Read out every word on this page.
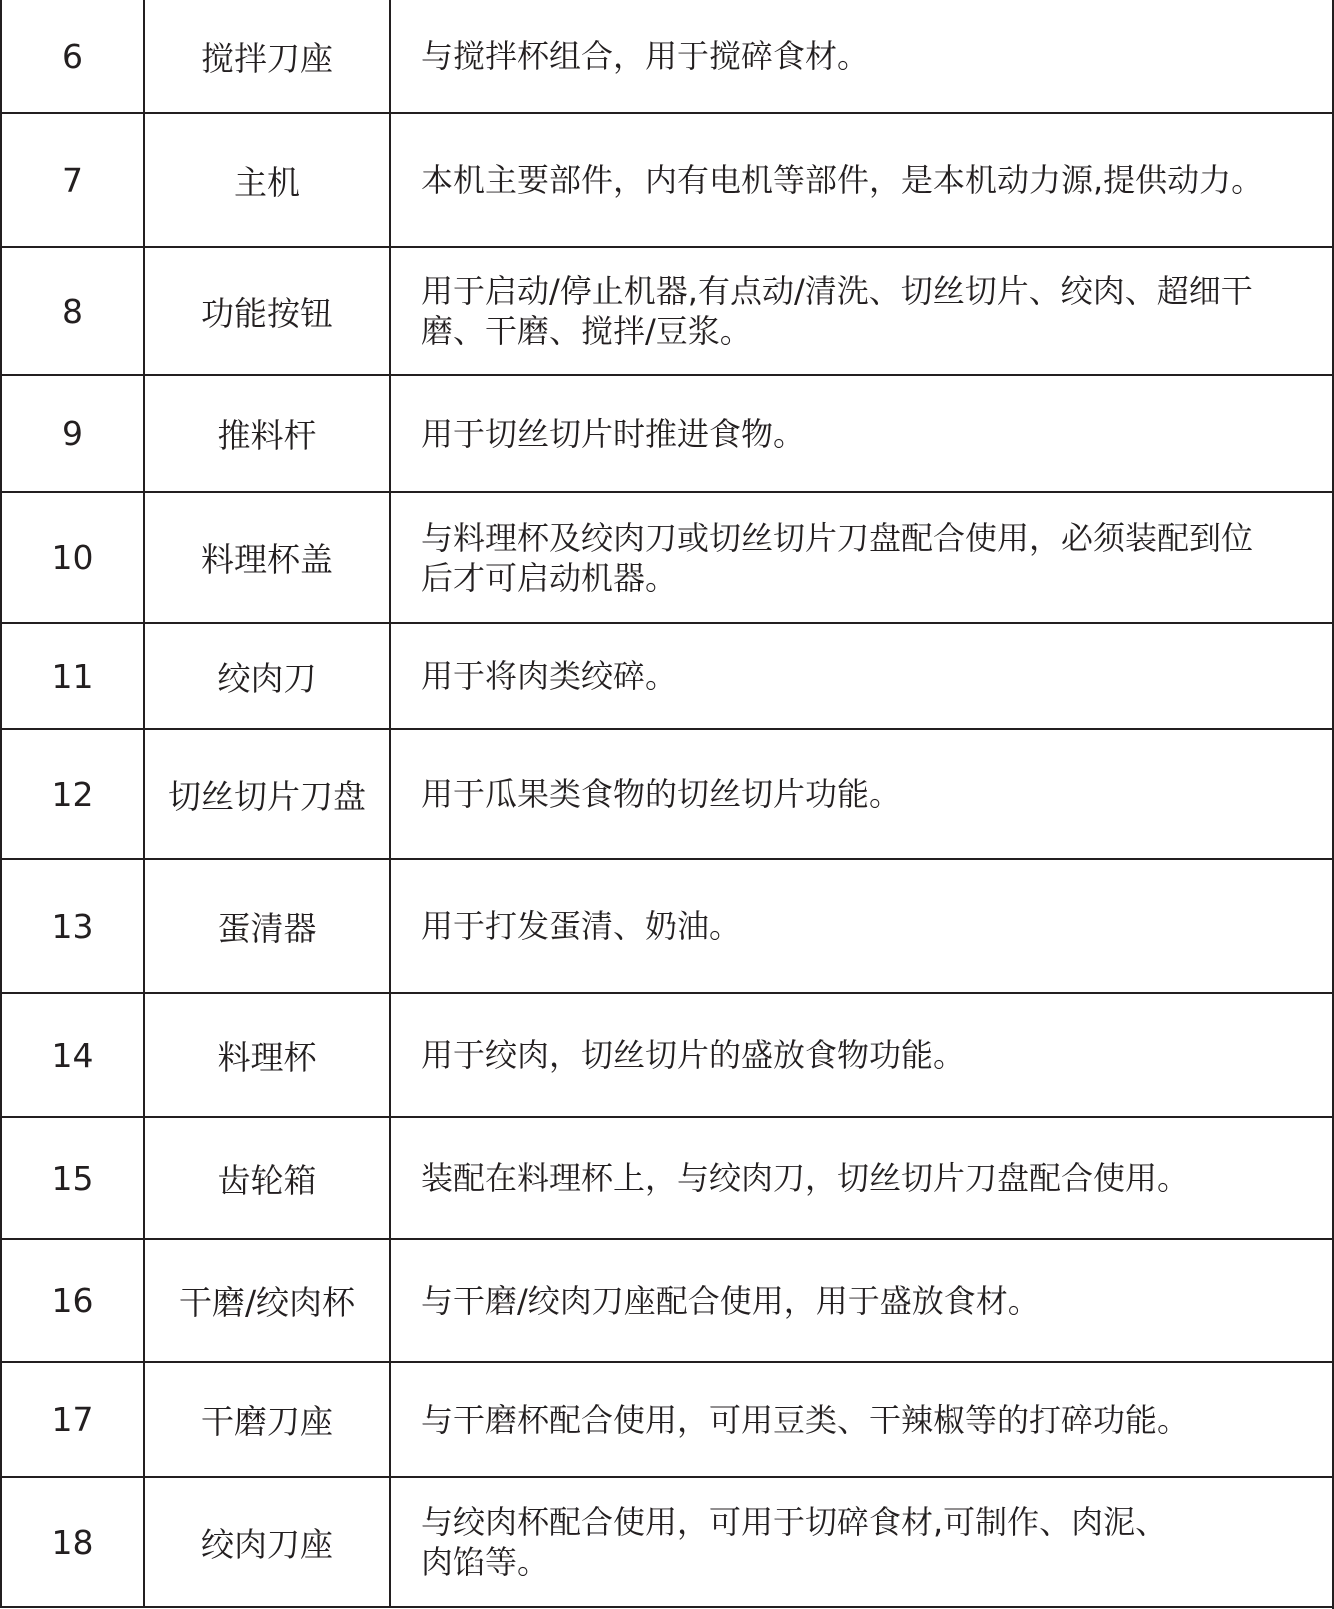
6	搅拌刀座	与搅拌杯组合，用于搅碎食材。

7	主机	本机主要部件，内有电机等部件，是本机动力源,提供动力。

8	功能按钮	用于启动/停止机器,有点动/清洗、切丝切片、绞肉、超细干
磨、干磨、搅拌/豆浆。

9	推料杆	用于切丝切片时推进食物。

10	料理杯盖	与料理杯及绞肉刀或切丝切片刀盘配合使用，必须装配到位
后才可启动机器。

11	绞肉刀	用于将肉类绞碎。

12	切丝切片刀盘	用于瓜果类食物的切丝切片功能。

13	蛋清器	用于打发蛋清、奶油。

14	料理杯	用于绞肉，切丝切片的盛放食物功能。

15	齿轮箱	装配在料理杯上，与绞肉刀，切丝切片刀盘配合使用。

16	干磨/绞肉杯	与干磨/绞肉刀座配合使用，用于盛放食材。

17	干磨刀座	与干磨杯配合使用，可用豆类、干辣椒等的打碎功能。

18	绞肉刀座	与绞肉杯配合使用，可用于切碎食材,可制作、肉泥、
肉馅等。
